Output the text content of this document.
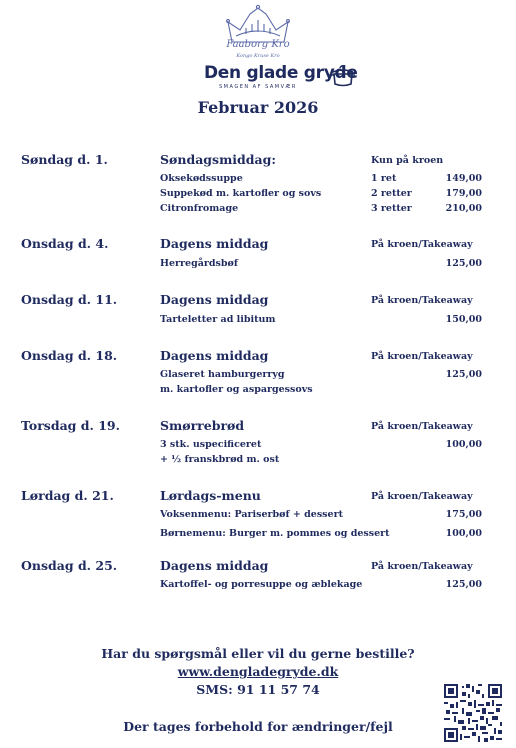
Faaborg Kro
Kongo Kruse Kro
Den glade gryde
SMAGEN AF SAMVÆR
Februar 2026
Søndag d. 1.	Søndagsmiddag:	Kun på kroen
Oksekødssuppe	1 ret	149,00
Suppekød m. kartofler og sovs	2 retter	179,00
Citronfromage	3 retter	210,00
Onsdag d. 4.	Dagens middag	På kroen/Takeaway
Herregårdsbøf	125,00
Onsdag d. 11.	Dagens middag	På kroen/Takeaway
Tarteletter ad libitum	150,00
Onsdag d. 18.	Dagens middag	På kroen/Takeaway
Glaseret hamburgerryg	125,00
m. kartofler og aspargessovs
Torsdag d. 19.	Smørrebrød	På kroen/Takeaway
3 stk. uspecificeret	100,00
+ ½ franskbrød m. ost
Lørdag d. 21.	Lørdags-menu	På kroen/Takeaway
Voksenmenu: Pariserbøf + dessert	175,00
Børnemenu: Burger m. pommes og dessert	100,00
Onsdag d. 25.	Dagens middag	På kroen/Takeaway
Kartoffel- og porresuppe og æblekage	125,00
Har du spørgsmål eller vil du gerne bestille?
www.dengladegryde.dk
SMS: 91 11 57 74
Der tages forbehold for ændringer/fejl
